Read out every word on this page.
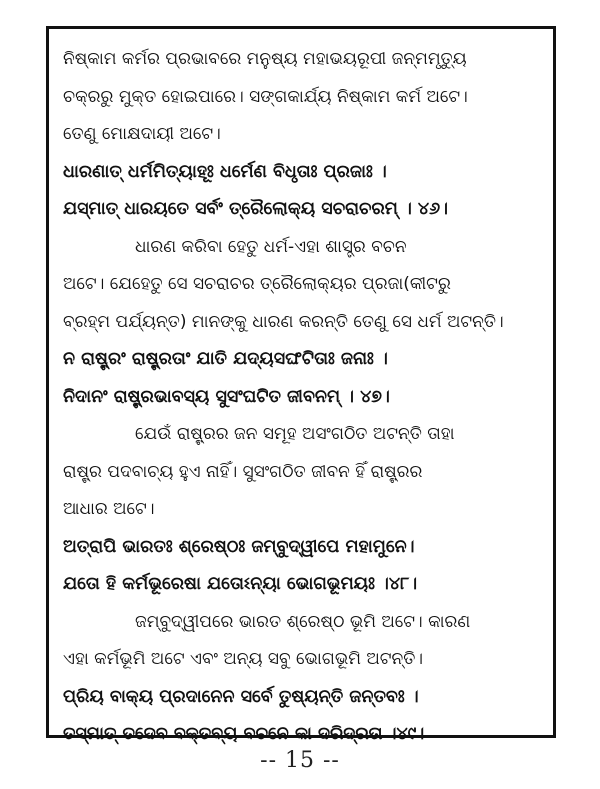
ନିଷ୍କାମ କର୍ମର ପ୍ରଭାବରେ ମନୁଷ୍ୟ ମହାଭୟରୂପୀ ଜନ୍ମମୃତ୍ୟୁ
ଚକ୍ରରୁ ମୁକ୍ତ ହୋଇପାରେ। ସଙ୍ଗକାର୍ଯ୍ୟ ନିଷ୍କାମ କର୍ମ ଅଟେ।
ତେଣୁ ମୋକ୍ଷଦାୟୀ ଅଟେ।
ଧାରଣାତ୍ ଧର୍ମମିତ୍ୟାହୂଃ ଧର୍ମେଣ ବିଧୃତାଃ ପ୍ରଜାଃ ।
ଯସ୍ମାତ୍ ଧାରୟତେ ସର୍ବଂ ତ୍ରୈଲୋକ୍ୟ ସଚରାଚରମ୍ । ୪୬।
ଧାରଣ କରିବା ହେତୁ ଧର୍ମ-ଏହା ଶାସ୍ତ୍ର ବଚନ
ଅଟେ। ଯେହେତୁ ସେ ସଚରାଚର ତ୍ରୈଲୋକ୍ୟର ପ୍ରଜା(କୀଟରୁ
ବ୍ରହ୍ମ ପର୍ଯ୍ୟନ୍ତ) ମାନଙ୍କୁ ଧାରଣ କରନ୍ତି ତେଣୁ ସେ ଧର୍ମ ଅଟନ୍ତି।
ନ ରାଷ୍ଟ୍ରଂ ରାଷ୍ଟ୍ରତାଂ ଯାତି ଯଦ୍ୟସଙ୍ଘଟିତାଃ ଜନାଃ ।
ନିଦାନଂ ରାଷ୍ଟ୍ରଭାବସ୍ୟ ସୁସଂଘଟିତ ଜୀବନମ୍ । ୪୭।
ଯେଉଁ ରାଷ୍ଟ୍ରର ଜନ ସମୂହ ଅସଂଗଠିତ ଅଟନ୍ତି ତାହା
ରାଷ୍ଟ୍ର ପଦବାଚ୍ୟ ହୁଏ ନାହିଁ। ସୁସଂଗଠିତ ଜୀବନ ହିଁ ରାଷ୍ଟ୍ରର
ଆଧାର ଅଟେ।
ଅତ୍ରାପି ଭାରତଃ ଶ୍ରେଷ୍ଠଃ ଜମ୍ବୁଦ୍ୱୀପେ ମହାମୁନେ।
ଯତୋ ହି କର୍ମଭୂରେଷା ଯତୋଽନ୍ୟା ଭୋଗଭୂମୟଃ ।୪୮।
ଜମ୍ବୁଦ୍ୱୀପରେ ଭାରତ ଶ୍ରେଷ୍ଠ ଭୂମି ଅଟେ। କାରଣ
ଏହା କର୍ମଭୂମି ଅଟେ ଏବଂ ଅନ୍ୟ ସବୁ ଭୋଗଭୂମି ଅଟନ୍ତି।
ପ୍ରିୟ ବାକ୍ୟ ପ୍ରଦାନେନ ସର୍ବେ ତୁଷ୍ୟନ୍ତି ଜନ୍ତବଃ ।
ତସ୍ମାତ୍ ତଦେବ ବକ୍ତବ୍ୟ ବଚନେ କା ଦରିଦ୍ରତା ।୪୯।
-- 15 --
